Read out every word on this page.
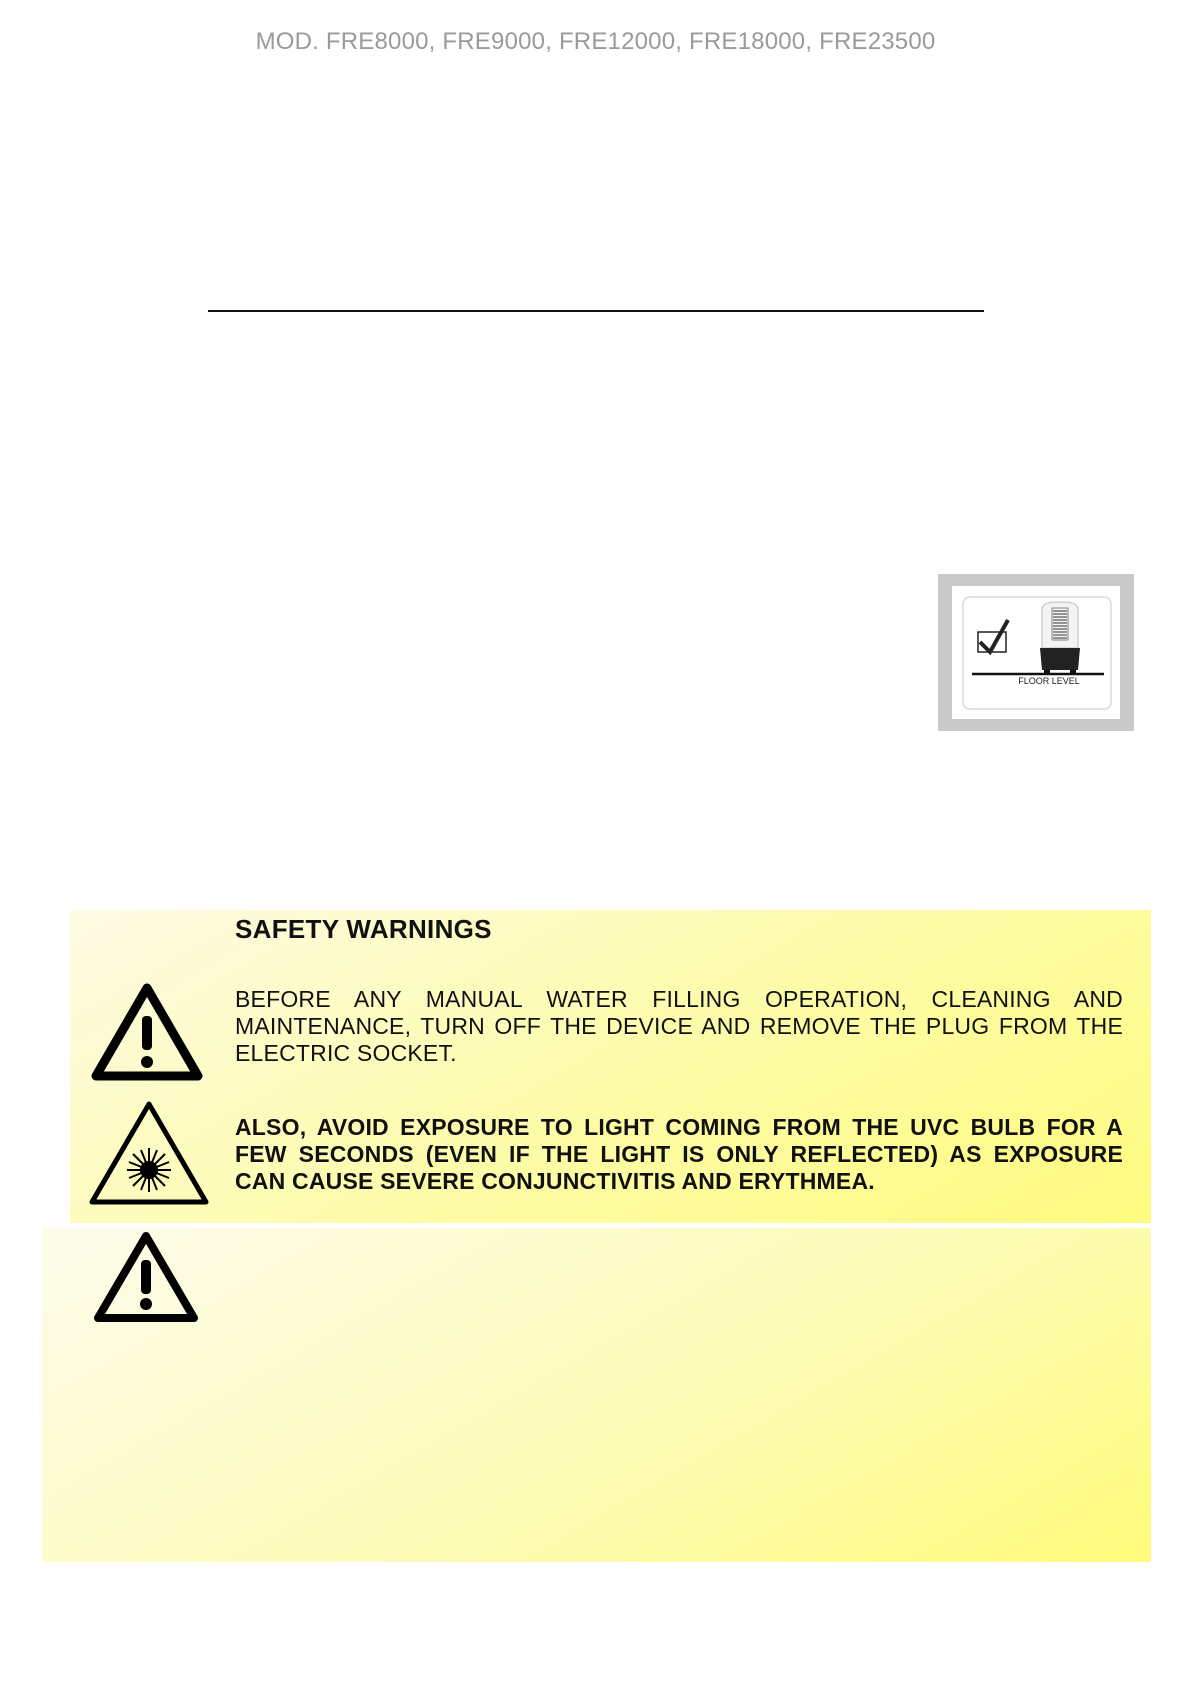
MOD. FRE8000, FRE9000, FRE12000, FRE18000, FRE23500
FLOOR LEVEL
SAFETY WARNINGS
BEFORE ANY MANUAL WATER FILLING OPERATION, CLEANING AND MAINTENANCE, TURN OFF THE DEVICE AND REMOVE THE PLUG FROM THE ELECTRIC SOCKET.
ALSO, AVOID EXPOSURE TO LIGHT COMING FROM THE UVC BULB FOR A FEW SECONDS (EVEN IF THE LIGHT IS ONLY REFLECTED) AS EXPOSURE CAN CAUSE SEVERE CONJUNCTIVITIS AND ERYTHMEA.
